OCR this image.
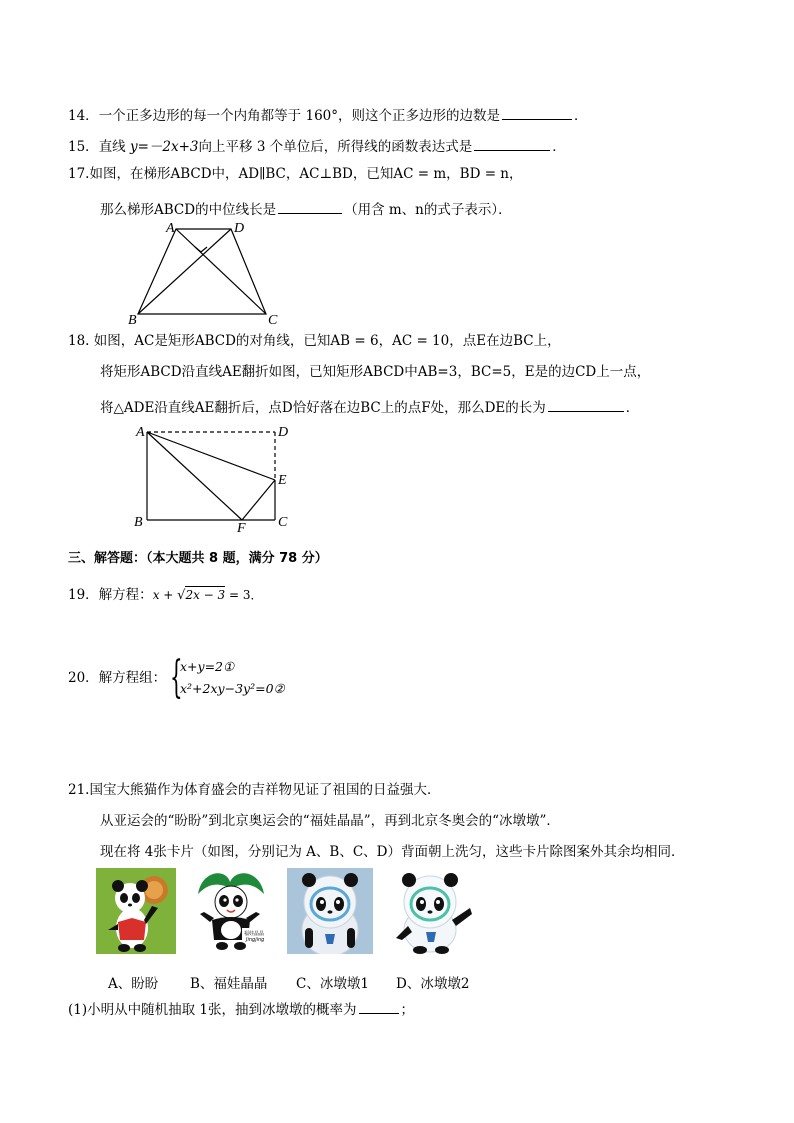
14．一个正多边形的每一个内角都等于 160°，则这个正多边形的边数是	．
15．直线 y=－2x+3向上平移 3 个单位后，所得线的函数表达式是	．
17.如图，在梯形ABCD中，AD∥BC，AC⊥BD，已知AC = m，BD = n，
那么梯形ABCD的中位线长是	（用含 m、n的式子表示）．
A	D
B	C
18. 如图，AC是矩形ABCD的对角线，已知AB = 6，AC = 10，点E在边BC上，
将矩形ABCD沿直线AE翻折如图，已知矩形ABCD中AB=3，BC=5，E是的边CD上一点，
将△ADE沿直线AE翻折后，点D恰好落在边BC上的点F处，那么DE的长为	．
A	D
E
B	F C
三、解答题：（本大题共 8 题，满分 78 分）
19．解方程：x + √2x − 3 = 3．
20．解方程组： {
x+y=2①
x²+2xy−3y²=0②
21.国宝大熊猫作为体育盛会的吉祥物见证了祖国的日益强大．
从亚运会的“盼盼”到北京奥运会的“福娃晶晶”，再到北京冬奥会的“冰墩墩”．
现在将 4张卡片（如图，分别记为 A、B、C、D）背面朝上洗匀，这些卡片除图案外其余均相同．
福娃晶晶
Jingjing
A、盼盼 B、福娃晶晶 C、冰墩墩1 D、冰墩墩2
(1)小明从中随机抽取 1张，抽到冰墩墩的概率为	；
